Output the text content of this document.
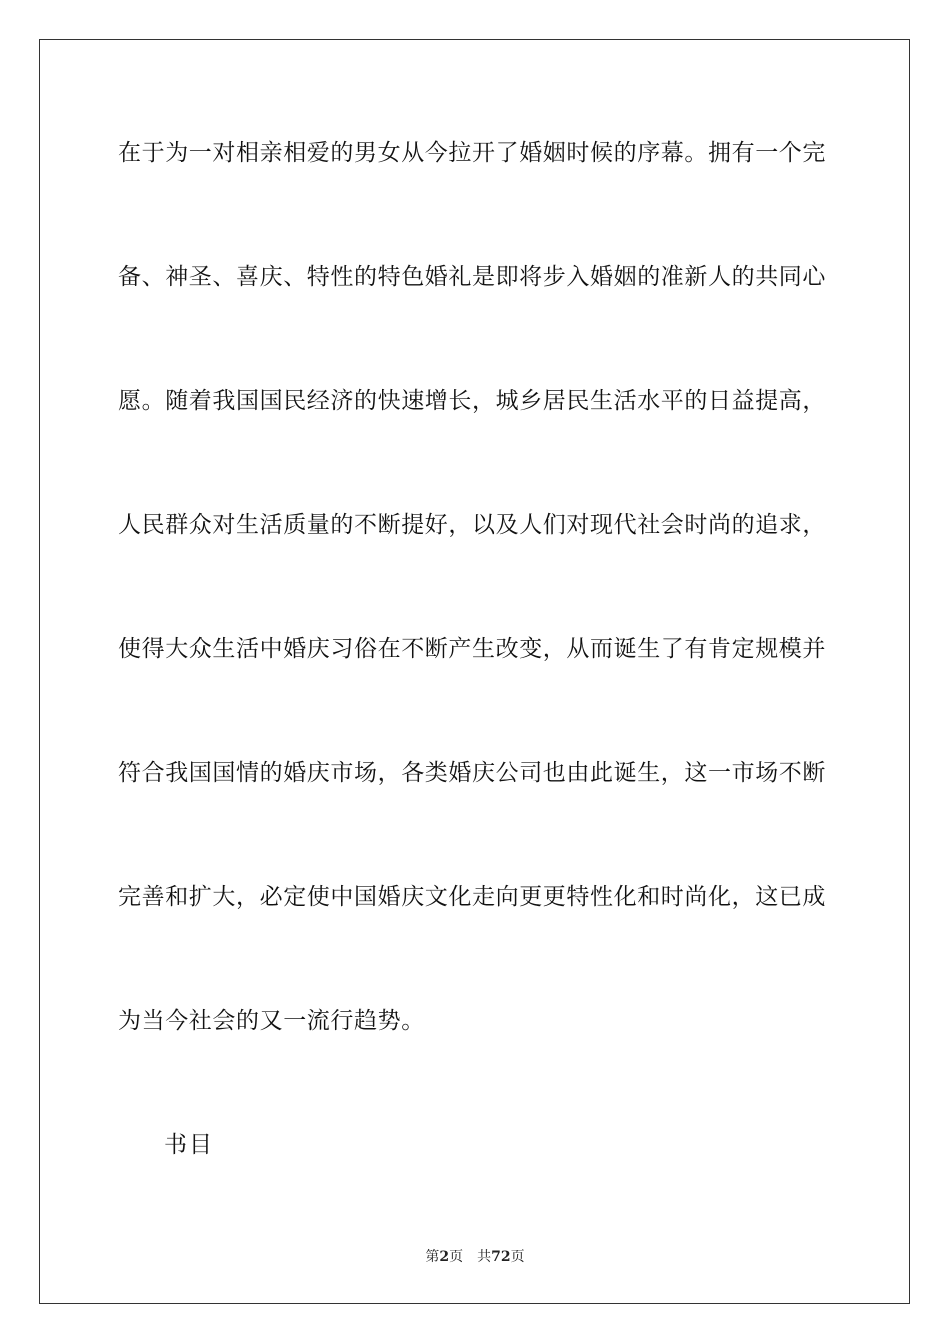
在于为一对相亲相爱的男女从今拉开了婚姻时候的序幕。拥有一个完
备、神圣、喜庆、特性的特色婚礼是即将步入婚姻的准新人的共同心
愿。随着我国国民经济的快速增长，城乡居民生活水平的日益提高，
人民群众对生活质量的不断提好，以及人们对现代社会时尚的追求，
使得大众生活中婚庆习俗在不断产生改变，从而诞生了有肯定规模并
符合我国国情的婚庆市场，各类婚庆公司也由此诞生，这一市场不断
完善和扩大，必定使中国婚庆文化走向更更特性化和时尚化，这已成
为当今社会的又一流行趋势。
书目
第2页 共72页
